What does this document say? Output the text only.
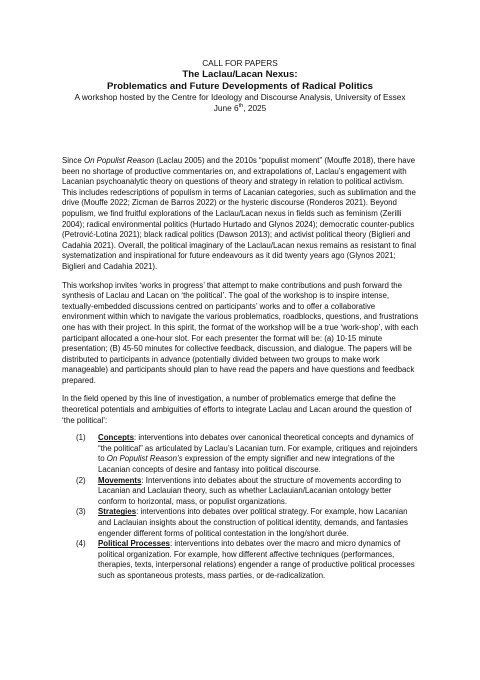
CALL FOR PAPERS
The Laclau/Lacan Nexus:
Problematics and Future Developments of Radical Politics
A workshop hosted by the Centre for Ideology and Discourse Analysis, University of Essex
June 6th, 2025

Since On Populist Reason (Laclau 2005) and the 2010s “populist moment” (Mouffe 2018), there have been no shortage of productive commentaries on, and extrapolations of, Laclau’s engagement with Lacanian psychoanalytic theory on questions of theory and strategy in relation to political activism. This includes redescriptions of populism in terms of Lacanian categories, such as sublimation and the drive (Mouffe 2022; Zicman de Barros 2022) or the hysteric discourse (Ronderos 2021). Beyond populism, we find fruitful explorations of the Laclau/Lacan nexus in fields such as feminism (Zerilli 2004); radical environmental politics (Hurtado Hurtado and Glynos 2024); democratic counter-publics (Petrović-Lotina 2021); black radical politics (Dawson 2013); and activist political theory (Biglieri and Cadahia 2021). Overall, the political imaginary of the Laclau/Lacan nexus remains as resistant to final systematization and inspirational for future endeavours as it did twenty years ago (Glynos 2021; Biglieri and Cadahia 2021).

This workshop invites ‘works in progress’ that attempt to make contributions and push forward the synthesis of Laclau and Lacan on ‘the political’. The goal of the workshop is to inspire intense, textually-embedded discussions centred on participants’ works and to offer a collaborative environment within which to navigate the various problematics, roadblocks, questions, and frustrations one has with their project. In this spirit, the format of the workshop will be a true ‘work-shop’, with each participant allocated a one-hour slot. For each presenter the format will be: (a) 10-15 minute presentation; (B) 45-50 minutes for collective feedback, discussion, and dialogue. The papers will be distributed to participants in advance (potentially divided between two groups to make work manageable) and participants should plan to have read the papers and have questions and feedback prepared.

In the field opened by this line of investigation, a number of problematics emerge that define the theoretical potentials and ambiguities of efforts to integrate Laclau and Lacan around the question of ‘the political’:

(1) Concepts: interventions into debates over canonical theoretical concepts and dynamics of “the political” as articulated by Laclau’s Lacanian turn. For example, critiques and rejoinders to On Populist Reason’s expression of the empty signifier and new integrations of the Lacanian concepts of desire and fantasy into political discourse.
(2) Movements: Interventions into debates about the structure of movements according to Lacanian and Laclauian theory, such as whether Laclauian/Lacanian ontology better conform to horizontal, mass, or populist organizations.
(3) Strategies: interventions into debates over political strategy. For example, how Lacanian and Laclauian insights about the construction of political identity, demands, and fantasies engender different forms of political contestation in the long/short durée.
(4) Political Processes: interventions into debates over the macro and micro dynamics of political organization. For example, how different affective techniques (performances, therapies, texts, interpersonal relations) engender a range of productive political processes such as spontaneous protests, mass parties, or de-radicalization.
